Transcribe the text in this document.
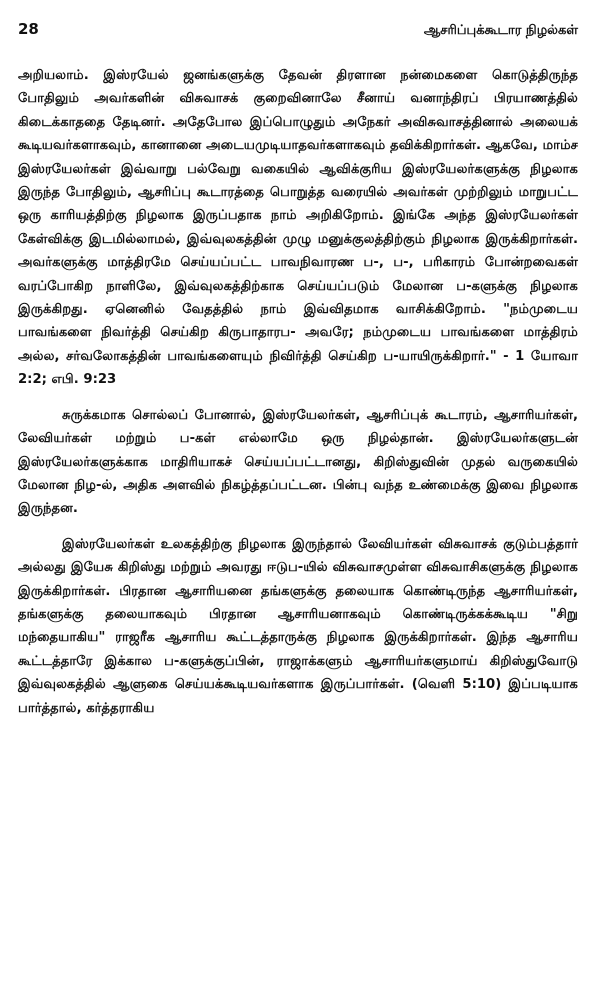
28	ஆசரிப்புக்கூடார நிழல்கள்

அறியலாம். இஸ்ரயேல் ஜனங்களுக்கு தேவன் திரளான நன்மைகளை கொடுத்திருந்த போதிலும் அவர்களின் விசுவாசக் குறைவினாலே சீனாய் வனாந்திரப் பிரயாணத்தில் கிடைக்காததை தேடினர். அதேபோல இப்பொழுதும் அநேகர் அவிசுவாசத்தினால் அலையக் கூடியவர்களாகவும், கானானை அடையமுடியாதவர்களாகவும் தவிக்கிறார்கள். ஆகவே, மாம்ச இஸ்ரயேலர்கள் இவ்வாறு பல்வேறு வகையில் ஆவிக்குரிய இஸ்ரயேலர்களுக்கு நிழலாக இருந்த போதிலும், ஆசரிப்பு கூடாரத்தை பொறுத்த வரையில் அவர்கள் முற்றிலும் மாறுபட்ட ஒரு காரியத்திற்கு நிழலாக இருப்பதாக நாம் அறிகிறோம். இங்கே அந்த இஸ்ரயேலர்கள் கேள்விக்கு இடமில்லாமல், இவ்வுலகத்தின் முழு மனுக்குலத்திற்கும் நிழலாக இருக்கிறார்கள். அவர்களுக்கு மாத்திரமே செய்யப்பட்ட பாவநிவாரண ப-, ப-, பரிகாரம் போன்றவைகள் வரப்போகிற நாளிலே, இவ்வுலகத்திற்காக செய்யப்படும் மேலான ப-களுக்கு நிழலாக இருக்கிறது. ஏனெனில் வேதத்தில் நாம் இவ்விதமாக வாசிக்கிறோம். "நம்முடைய பாவங்களை நிவர்த்தி செய்கிற கிருபாதாரப- அவரே; நம்முடைய பாவங்களை மாத்திரம் அல்ல, சர்வலோகத்தின் பாவங்களையும் நிவிர்த்தி செய்கிற ப-யாயிருக்கிறார்." - 1 யோவா 2:2; எபி. 9:23

சுருக்கமாக சொல்லப் போனால், இஸ்ரயேலர்கள், ஆசரிப்புக் கூடாரம், ஆசாரியர்கள், லேவியர்கள் மற்றும் ப-கள் எல்லாமே ஒரு நிழல்தான். இஸ்ரயேலர்களுடன் இஸ்ரயேலர்களுக்காக மாதிரியாகச் செய்யப்பட்டானது, கிறிஸ்துவின் முதல் வருகையில் மேலான நிழ-ல், அதிக அளவில் நிகழ்த்தப்பட்டன. பின்பு வந்த உண்மைக்கு இவை நிழலாக இருந்தன.

இஸ்ரயேலர்கள் உலகத்திற்கு நிழலாக இருந்தால் லேவியர்கள் விசுவாசக் குடும்பத்தார் அல்லது இயேசு கிறிஸ்து மற்றும் அவரது ஈடுப-யில் விசுவாசமுள்ள விசுவாசிகளுக்கு நிழலாக இருக்கிறார்கள். பிரதான ஆசாரியனை தங்களுக்கு தலையாக கொண்டிருந்த ஆசாரியர்கள், தங்களுக்கு தலையாகவும் பிரதான ஆசாரியனாகவும் கொண்டிருக்கக்கூடிய "சிறு மந்தையாகிய" ராஜரீக ஆசாரிய கூட்டத்தாருக்கு நிழலாக இருக்கிறார்கள். இந்த ஆசாரிய கூட்டத்தாரே இக்கால ப-களுக்குப்பின், ராஜாக்களும் ஆசாரியர்களுமாய் கிறிஸ்துவோடு இவ்வுலகத்தில் ஆளுகை செய்யக்கூடியவர்களாக இருப்பார்கள். (வெளி 5:10) இப்படியாக பார்த்தால், கர்த்தராகிய
